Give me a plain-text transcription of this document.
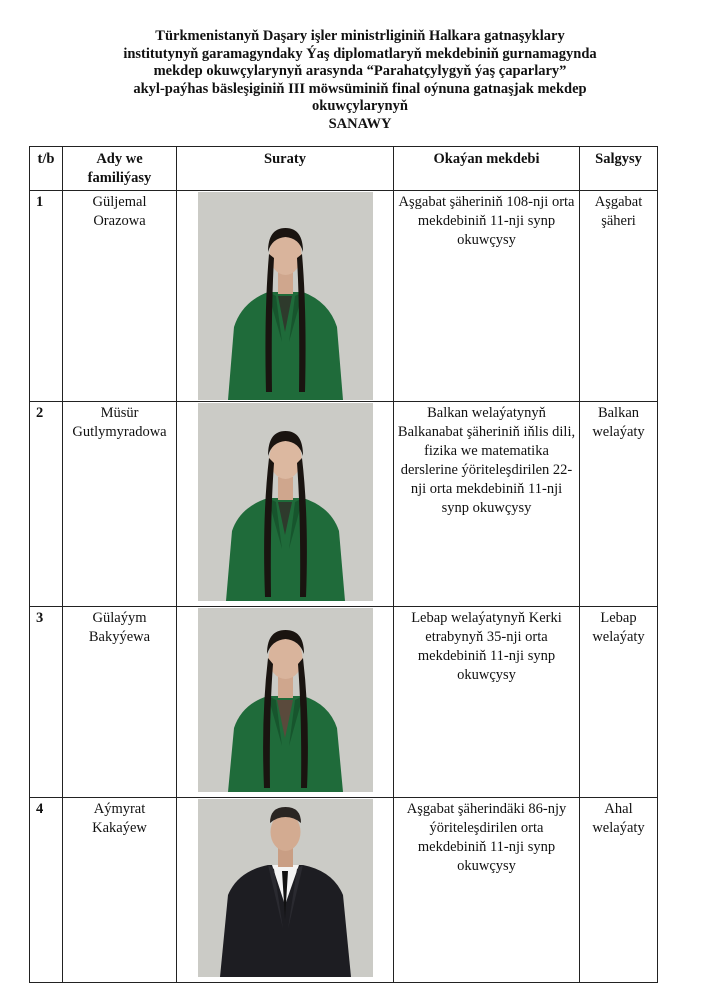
Türkmenistanyň Daşary işler ministrliginiň Halkara gatnaşyklary
institutynyň garamagyndaky Ýaş diplomatlaryň mekdebiniň gurnamagynda
mekdep okuwçylarynyň arasynda “Parahatçylygyň ýaş çaparlary”
akyl-paýhas bäsleşiginiň III möwsüminiň final oýnuna gatnaşjak mekdep
okuwçylarynyň
SANAWY
t/b	Ady we familiýasy	Suraty	Okaýan mekdebi	Salgysy
1	Güljemal Orazowa		Aşgabat şäheriniň 108-nji orta mekdebiniň 11-nji synp okuwçysy	Aşgabat şäheri
2	Müsür Gutlymyradowa		Balkan welaýatynyň Balkanabat şäheriniň iňlis dili, fizika we matematika derslerine ýöriteleşdirilen 22-nji orta mekdebiniň 11-nji synp okuwçysy	Balkan welaýaty
3	Gülaýym Bakyýewa		Lebap welaýatynyň Kerki etrabynyň 35-nji orta mekdebiniň 11-nji synp okuwçysy	Lebap welaýaty
4	Aýmyrat Kakaýew		Aşgabat şäherindäki 86-njy ýöriteleşdirilen orta mekdebiniň 11-nji synp okuwçysy	Ahal welaýaty
